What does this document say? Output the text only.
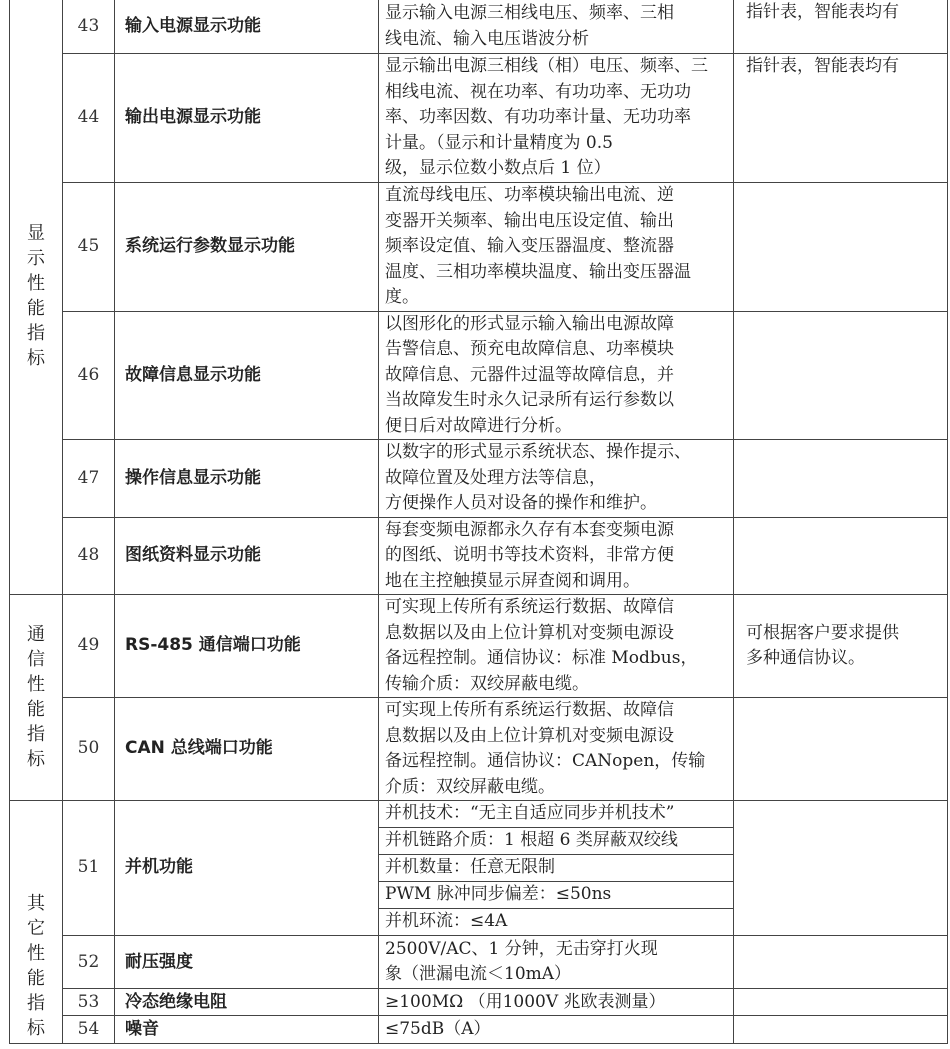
显示性能指标	43	输入电源显示功能	显示输入电源三相线电压、频率、三相
线电流、输入电压谐波分析	指针表，智能表均有
	44	输出电源显示功能	显示输出电源三相线（相）电压、频率、三
相线电流、视在功率、有功功率、无功功
率、功率因数、有功功率计量、无功功率
计量。（显示和计量精度为 0.5
级，显示位数小数点后 1 位）	指针表，智能表均有
	45	系统运行参数显示功能	直流母线电压、功率模块输出电流、逆
变器开关频率、输出电压设定值、输出
频率设定值、输入变压器温度、整流器
温度、三相功率模块温度、输出变压器温
度。	
	46	故障信息显示功能	以图形化的形式显示输入输出电源故障
告警信息、预充电故障信息、功率模块
故障信息、元器件过温等故障信息，并
当故障发生时永久记录所有运行参数以
便日后对故障进行分析。	
	47	操作信息显示功能	以数字的形式显示系统状态、操作提示、
故障位置及处理方法等信息，
方便操作人员对设备的操作和维护。	
	48	图纸资料显示功能	每套变频电源都永久存有本套变频电源
的图纸、说明书等技术资料，非常方便
地在主控触摸显示屏查阅和调用。	
通信性能指标	49	RS-485 通信端口功能	可实现上传所有系统运行数据、故障信
息数据以及由上位计算机对变频电源设
备远程控制。通信协议：标准 Modbus，
传输介质：双绞屏蔽电缆。	可根据客户要求提供
多种通信协议。
	50	CAN 总线端口功能	可实现上传所有系统运行数据、故障信
息数据以及由上位计算机对变频电源设
备远程控制。通信协议：CANopen，传输
介质：双绞屏蔽电缆。	
其它性能指标	51	并机功能	并机技术：“无主自适应同步并机技术”	
			并机链路介质：1 根超 6 类屏蔽双绞线	
			并机数量：任意无限制	
			PWM 脉冲同步偏差：≤50ns	
			并机环流：≤4A	
	52	耐压强度	2500V/AC、1 分钟，无击穿打火现
象（泄漏电流＜10mA）	
	53	冷态绝缘电阻	≥100MΩ （用1000V 兆欧表测量）	
	54	噪音	≤75dB（A）	
